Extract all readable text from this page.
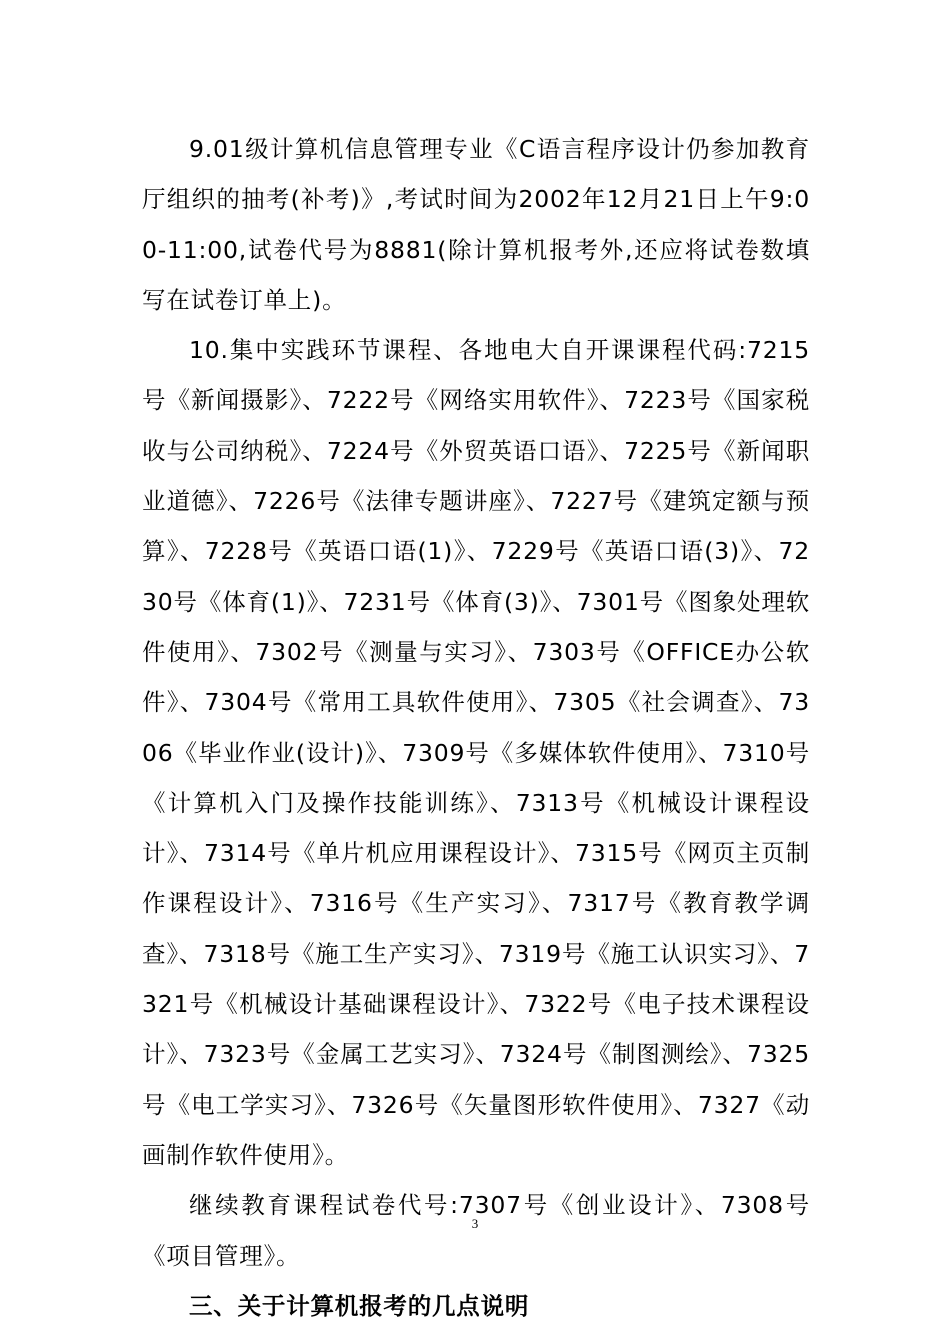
9.01级计算机信息管理专业《C语言程序设计仍参加教育厅组织的抽考(补考)》,考试时间为2002年12月21日上午9:00-11:00,试卷代号为8881(除计算机报考外,还应将试卷数填写在试卷订单上)。

10.集中实践环节课程、各地电大自开课课程代码:7215号《新闻摄影》、7222号《网络实用软件》、7223号《国家税收与公司纳税》、7224号《外贸英语口语》、7225号《新闻职业道德》、7226号《法律专题讲座》、7227号《建筑定额与预算》、7228号《英语口语(1)》、7229号《英语口语(3)》、7230号《体育(1)》、7231号《体育(3)》、7301号《图象处理软件使用》、7302号《测量与实习》、7303号《OFFICE办公软件》、7304号《常用工具软件使用》、7305《社会调查》、7306《毕业作业(设计)》、7309号《多媒体软件使用》、7310号《计算机入门及操作技能训练》、7313号《机械设计课程设计》、7314号《单片机应用课程设计》、7315号《网页主页制作课程设计》、7316号《生产实习》、7317号《教育教学调查》、7318号《施工生产实习》、7319号《施工认识实习》、7321号《机械设计基础课程设计》、7322号《电子技术课程设计》、7323号《金属工艺实习》、7324号《制图测绘》、7325号《电工学实习》、7326号《矢量图形软件使用》、7327《动画制作软件使用》。

继续教育课程试卷代号:7307号《创业设计》、7308号《项目管理》。

三、关于计算机报考的几点说明

3
